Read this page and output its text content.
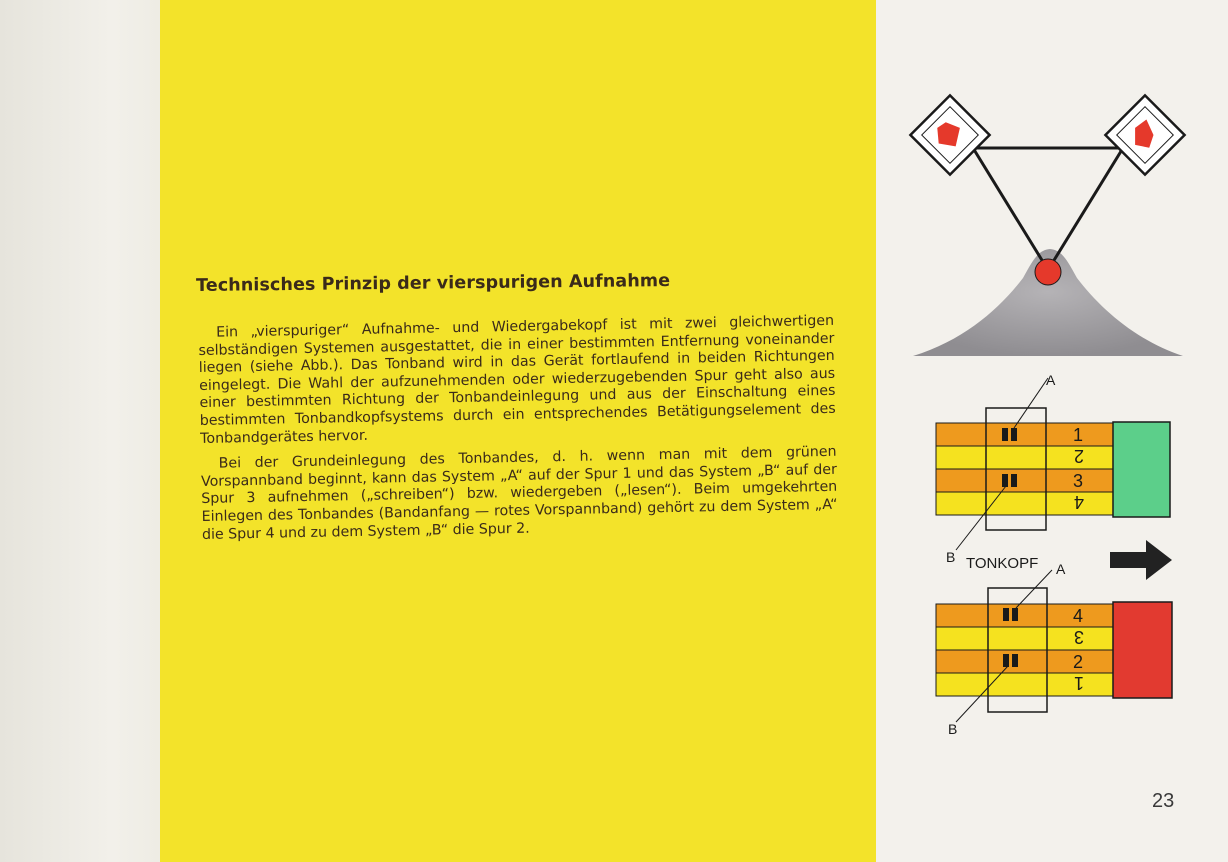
Technisches Prinzip der vierspurigen Aufnahme

Ein „vierspuriger“ Aufnahme- und Wiedergabekopf ist mit zwei gleichwertigen selbständigen Systemen ausgestattet, die in einer bestimmten Entfernung voneinander liegen (siehe Abb.). Das Tonband wird in das Gerät fortlaufend in beiden Richtungen eingelegt. Die Wahl der aufzunehmenden oder wiederzugebenden Spur geht also aus einer bestimmten Richtung der Tonbandeinlegung und aus der Einschaltung eines bestimmten Tonbandkopfsystems durch ein entsprechendes Betätigungselement des Tonbandgerätes hervor.

Bei der Grundeinlegung des Tonbandes, d. h. wenn man mit dem grünen Vorspannband beginnt, kann das System „A“ auf der Spur 1 und das System „B“ auf der Spur 3 aufnehmen („schreiben“) bzw. wiedergeben („lesen“). Beim umgekehrten Einlegen des Tonbandes (Bandanfang — rotes Vorspannband) gehört zu dem System „A“ die Spur 4 und zu dem System „B“ die Spur 2.

A
1
2
3
4
B TONKOPF A
4
3
2
1
B
23
